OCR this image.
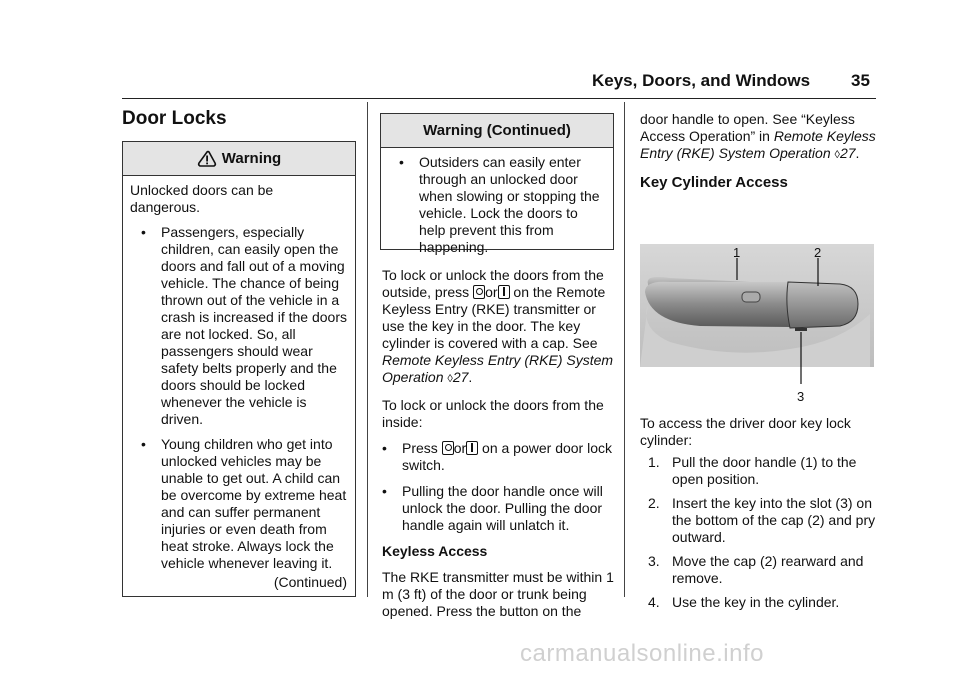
Keys, Doors, and Windows 35
Door Locks
Warning

Unlocked doors can be dangerous.

•	Passengers, especially children, can easily open the doors and fall out of a moving vehicle. The chance of being thrown out of the vehicle in a crash is increased if the doors are not locked. So, all passengers should wear safety belts properly and the doors should be locked whenever the vehicle is driven.
•	Young children who get into unlocked vehicles may be unable to get out. A child can be overcome by extreme heat and can suffer permanent injuries or even death from heat stroke. Always lock the vehicle whenever leaving it.
(Continued)
Warning (Continued)
•	Outsiders can easily enter through an unlocked door when slowing or stopping the vehicle. Lock the doors to help prevent this from happening.

To lock or unlock the doors from the outside, press or on the Remote Keyless Entry (RKE) transmitter or use the key in the door. The key cylinder is covered with a cap. See Remote Keyless Entry (RKE) System Operation ◊27.

To lock or unlock the doors from the inside:

•	Press or on a power door lock switch.
•	Pulling the door handle once will unlock the door. Pulling the door handle again will unlatch it.
Keyless Access

The RKE transmitter must be within 1 m (3 ft) of the door or trunk being opened. Press the button on the

door handle to open. See “Keyless Access Operation” in Remote Keyless Entry (RKE) System Operation ◊27.

Key Cylinder Access
1	2
3

To access the driver door key lock cylinder:

1. Pull the door handle (1) to the open position.
2. Insert the key into the slot (3) on the bottom of the cap (2) and pry outward.
3. Move the cap (2) rearward and remove.
4. Use the key in the cylinder.
carmanualsonline.info
